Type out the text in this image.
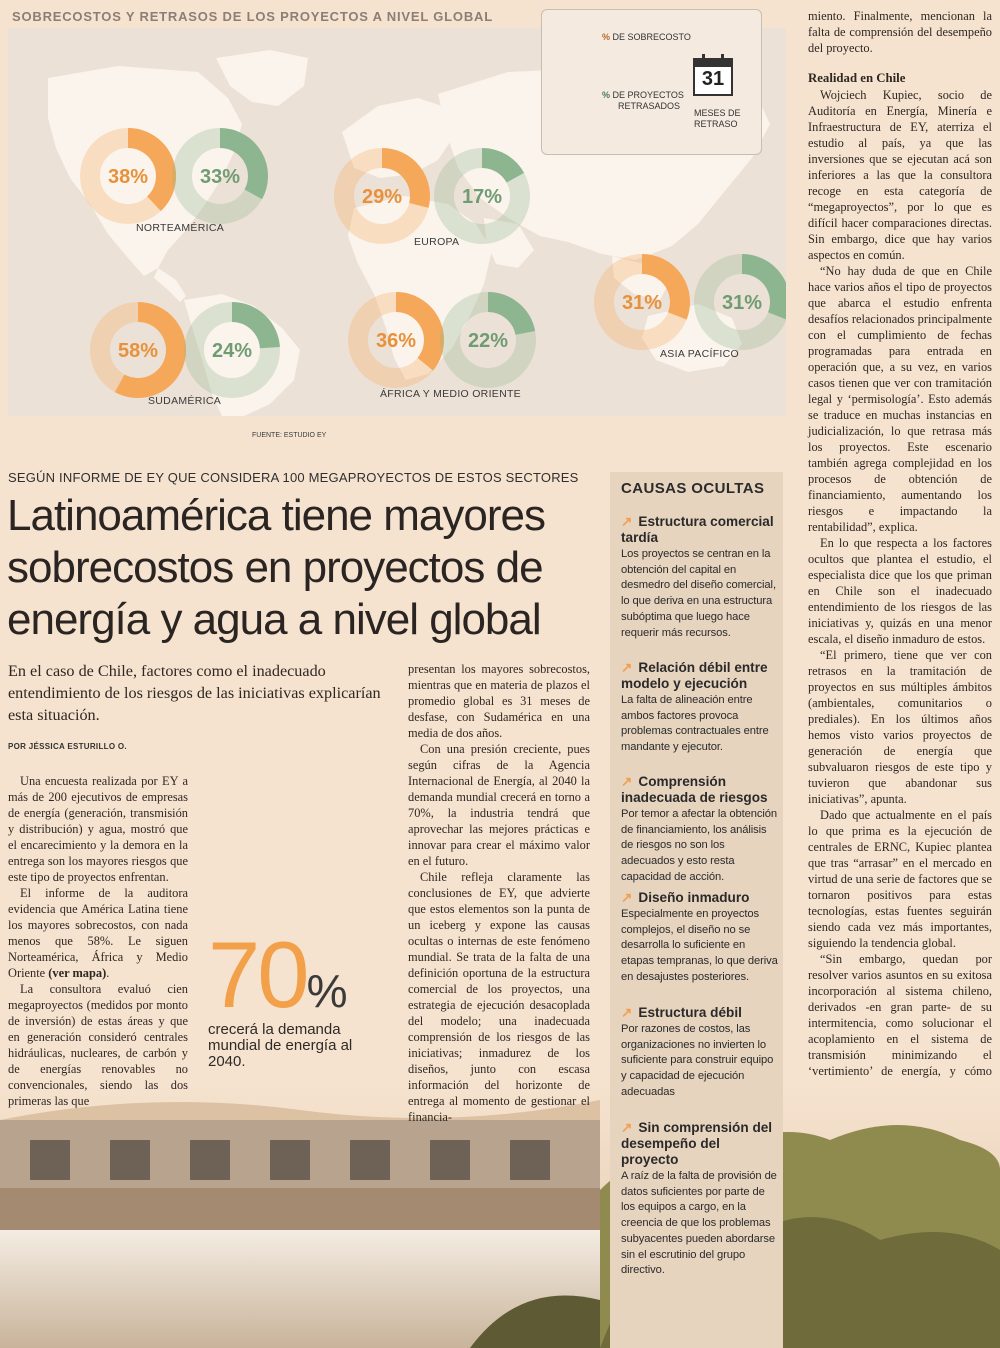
SOBRECOSTOS Y RETRASOS DE LOS PROYECTOS A NIVEL GLOBAL
38%	33%
29%	17%
31%	31%
58%	24%	36%	22%
NORTEAMÉRICA
EUROPA
ASIA PACÍFICO
SUDAMÉRICA
ÁFRICA Y MEDIO ORIENTE
% DE SOBRECOSTO
% DE PROYECTOS
RETRASADOS
31
MESES DE
RETRASO
FUENTE: ESTUDIO EY

miento. Finalmente, mencionan la falta de comprensión del desempeño del proyecto.

Realidad en Chile

Wojciech Kupiec, socio de Auditoría en Energía, Minería e Infraestructura de EY, aterriza el estudio al país, ya que las inversiones que se ejecutan acá son inferiores a las que la consultora recoge en esta categoría de “megaproyectos”, por lo que es difícil hacer comparaciones directas. Sin embargo, dice que hay varios aspectos en común.

“No hay duda de que en Chile hace varios años el tipo de proyectos que abarca el estudio enfrenta desafíos relacionados principalmente con el cumplimiento de fechas programadas para entrada en operación que, a su vez, en varios casos tienen que ver con tramitación legal y ‘permisología’. Esto además se traduce en muchas instancias en judicialización, lo que retrasa más los proyectos. Este escenario también agrega complejidad en los procesos de obtención de financiamiento, aumentando los riesgos e impactando la rentabilidad”, explica.

En lo que respecta a los factores ocultos que plantea el estudio, el especialista dice que los que priman en Chile son el inadecuado entendimiento de los riesgos de las iniciativas y, quizás en una menor escala, el diseño inmaduro de estos.

“El primero, tiene que ver con retrasos en la tramitación de proyectos en sus múltiples ámbitos (ambientales, comunitarios o prediales). En los últimos años hemos visto varios proyectos de generación de energía que subvaluaron riesgos de este tipo y tuvieron que abandonar sus iniciativas”, apunta.

Dado que actualmente en el país lo que prima es la ejecución de centrales de ERNC, Kupiec plantea que tras “arrasar” en el mercado en virtud de una serie de factores que se tornaron positivos para estas tecnologías, estas fuentes seguirán siendo cada vez más importantes, siguiendo la tendencia global.

“Sin embargo, quedan por resolver varios asuntos en su exitosa incorporación al sistema chileno, derivados -en gran parte- de su intermitencia, como solucionar el acoplamiento en el sistema de transmisión minimizando el ‘vertimiento’ de energía, y cómo

SEGÚN INFORME DE EY QUE CONSIDERA 100 MEGAPROYECTOS DE ESTOS SECTORES
Latinoamérica tiene mayores sobrecostos en proyectos de energía y agua a nivel global
En el caso de Chile, factores como el inadecuado entendimiento de los riesgos de las iniciativas explicarían esta situación.
POR JÉSSICA ESTURILLO O.

Una encuesta realizada por EY a más de 200 ejecutivos de empresas de energía (generación, transmisión y distribución) y agua, mostró que el encarecimiento y la demora en la entrega son los mayores riesgos que este tipo de proyectos enfrentan.

El informe de la auditora evidencia que América Latina tiene los mayores sobrecostos, con nada menos que 58%. Le siguen Norteamérica, África y Medio Oriente (ver mapa).

La consultora evaluó cien megaproyectos (medidos por monto de inversión) de estas áreas y que en generación consideró centrales hidráulicas, nucleares, de carbón y de energías renovables no convencionales, siendo las dos primeras las que

presentan los mayores sobrecostos, mientras que en materia de plazos el promedio global es 31 meses de desfase, con Sudamérica en una media de dos años.

Con una presión creciente, pues según cifras de la Agencia Internacional de Energía, al 2040 la demanda mundial crecerá en torno a 70%, la industria tendrá que aprovechar las mejores prácticas e innovar para crear el máximo valor en el futuro.

Chile refleja claramente las conclusiones de EY, que advierte que estos elementos son la punta de un iceberg y expone las causas ocultas o internas de este fenómeno mundial. Se trata de la falta de una definición oportuna de la estructura comercial de los proyectos, una estrategia de ejecución desacoplada del modelo; una inadecuada comprensión de los riesgos de las iniciativas; inmadurez de los diseños, junto con escasa información del horizonte de entrega al momento de gestionar el financia-

70%
crecerá la demanda mundial de energía al 2040.
CAUSAS OCULTAS
↗ Estructura comercial tardía
Los proyectos se centran en la obtención del capital en desmedro del diseño comercial, lo que deriva en una estructura subóptima que luego hace requerir más recursos.
↗ Relación débil entre modelo y ejecución
La falta de alineación entre ambos factores provoca problemas contractuales entre mandante y ejecutor.
↗ Comprensión inadecuada de riesgos
Por temor a afectar la obtención de financiamiento, los análisis de riesgos no son los adecuados y esto resta capacidad de acción.
↗ Diseño inmaduro
Especialmente en proyectos complejos, el diseño no se desarrolla lo suficiente en etapas tempranas, lo que deriva en desajustes posteriores.
↗ Estructura débil
Por razones de costos, las organizaciones no invierten lo suficiente para construir equipo y capacidad de ejecución adecuadas
↗ Sin comprensión del desempeño del proyecto
A raíz de la falta de provisión de datos suficientes por parte de los equipos a cargo, en la creencia de que los problemas subyacentes pueden abordarse sin el escrutinio del grupo directivo.
